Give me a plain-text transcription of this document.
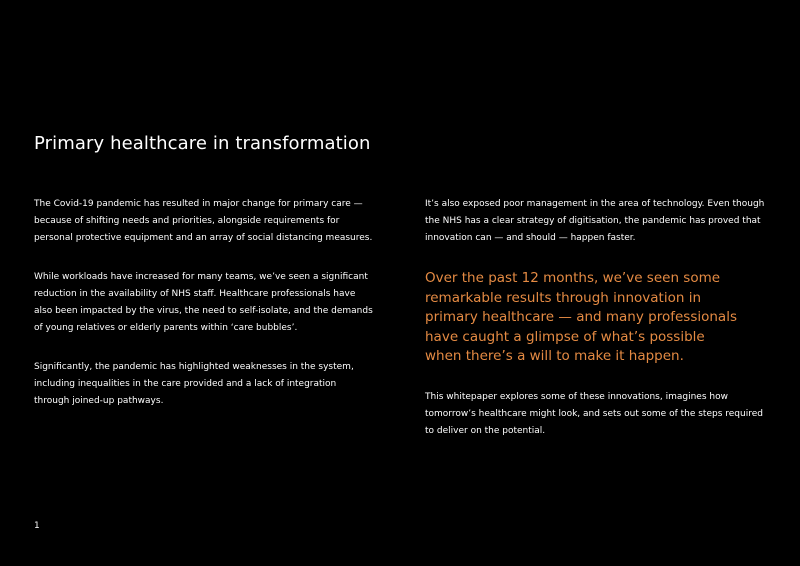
Primary healthcare in transformation

The Covid-19 pandemic has resulted in major change for primary care — because of shifting needs and priorities, alongside requirements for personal protective equipment and an array of social distancing measures.

While workloads have increased for many teams, we’ve seen a significant reduction in the availability of NHS staff. Healthcare professionals have also been impacted by the virus, the need to self-isolate, and the demands of young relatives or elderly parents within ‘care bubbles’.

Significantly, the pandemic has highlighted weaknesses in the system, including inequalities in the care provided and a lack of integration through joined-up pathways.

It’s also exposed poor management in the area of technology. Even though the NHS has a clear strategy of digitisation, the pandemic has proved that innovation can — and should — happen faster.

Over the past 12 months, we’ve seen some remarkable results through innovation in primary healthcare — and many professionals have caught a glimpse of what’s possible when there’s a will to make it happen.

This whitepaper explores some of these innovations, imagines how tomorrow’s healthcare might look, and sets out some of the steps required to deliver on the potential.

1
